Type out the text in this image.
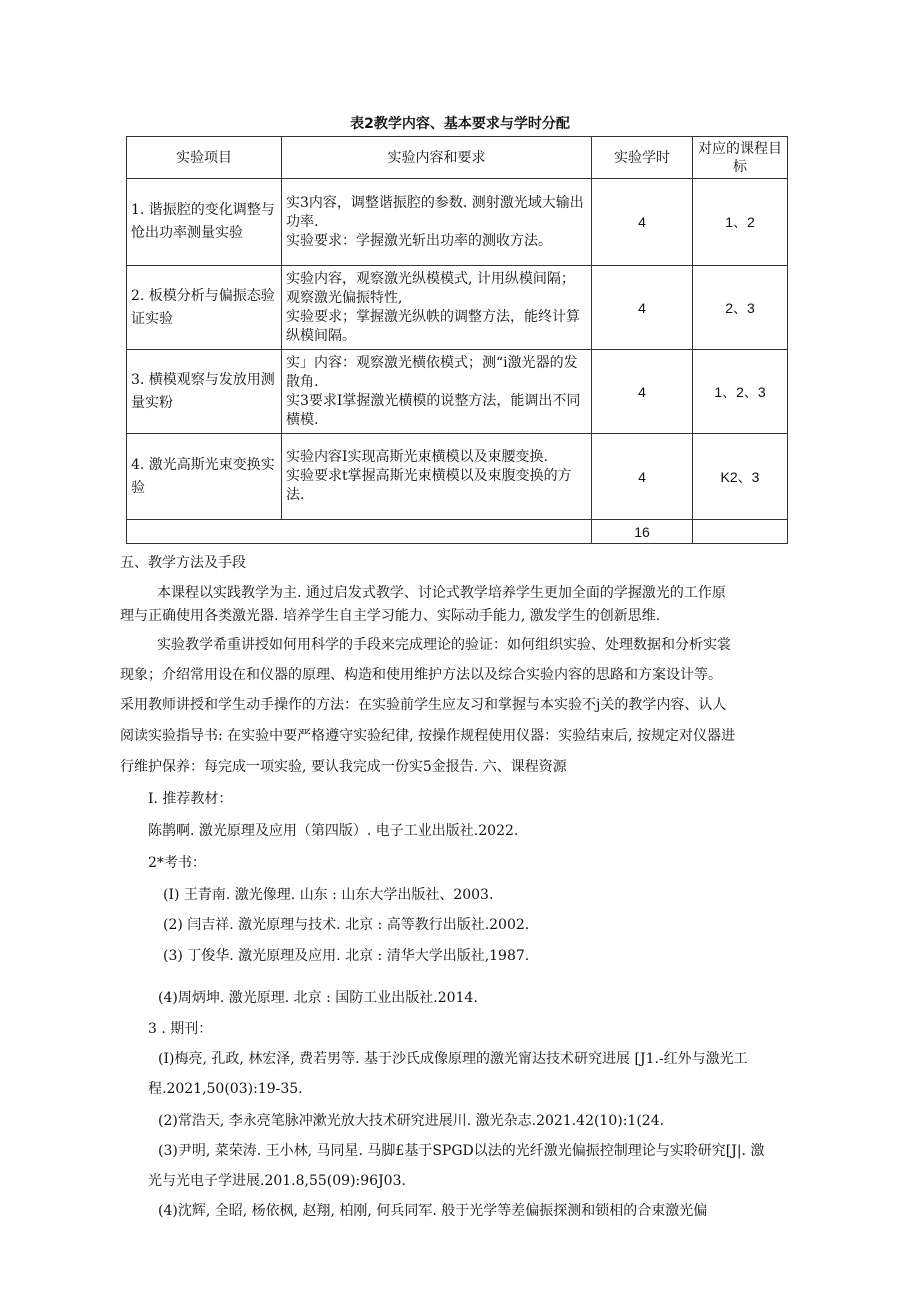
表2教学内容、基本要求与学时分配
实验项目	实验内容和要求	实验学时	对应的课程目标
1. 谐振腔的变化调整与怆出功率测量实验	实3内容，调整谐振腔的参数. 测射激光域大输出功率.
实验要求：学握激光斩出功率的测收方法。	4	1、2
2. 板模分析与偏振态验证实验	实验内容，观察激光纵模模式, 计用纵模间隔；观察激光偏振特性,
实验要求；掌握激光纵帙的调整方法，能终计算纵模间隔。	4	2、3
3. 横模观察与发放用测量实粉	实」内容：观察激光横依模式；测“i激光器的发散角.
实3要求I掌握激光横模的说整方法，能调出不同横模.	4	1、2、3
4. 激光高斯光束变换实验	实验内容I实现高斯光束横模以及束腰变换.
实验要求t掌握高斯光束横模以及束腹变换的方法.	4	K2、3
		16	
五、教学方法及手段
本课程以实践教学为主. 通过启发式教学、讨论式教学培养学生更加全面的学握激光的工作原
理与正确使用各类激光器. 培养学生自主学习能力、实际动手能力, 激发学生的创新思维.
实验教学希重讲授如何用科学的手段来完成理论的验证：如何组织实验、处理数据和分析实裳
现象；介绍常用设在和仪器的原理、构造和使用维护方法以及综合实验内容的思路和方案设计等。
采用教师讲授和学生动手操作的方法：在实验前学生应友习和掌握与本实验不j关的教学内容、认人
阅读实验指导书: 在实验中要严格遵守实验纪律, 按操作规程使用仪器：实验结束后, 按规定对仪器进
行维护保养：每完成一项实验, 要认我完成一份实5金报告. 六、课程资源
I. 推荐教材：
陈鹊啊. 激光原理及应用（第四版）. 电子工业出版社.2022.
2*考书：
(I) 王青南. 激光像理. 山东 : 山东大学出版社、2003.
(2) 闫吉祥. 激光原理与技术. 北京 : 高等教行出版社.2002.
(3) 丁俊华. 激光原理及应用. 北京 : 清华大学出版社,1987.
(4)周炳坤. 激光原理. 北京 : 国防工业出版社.2014.
3 . 期刊：
(I)梅亮, 孔政, 林宏泽, 费若男等. 基于沙氏成像原理的激光甯达技术研究进展 [J1.-红外与激光工
程.2021,50(03):19-35.
(2)常浩天, 李永亮笔脉冲漱光放大技术研究进展川. 激光杂志.2021.42(10):1(24.
(3)尹明, 菜荣涛. 王小林, 马同星. 马脚£基于SPGD以法的光纤激光偏振控制理论与实聆研究[J|. 激
光与光电子学进展.201.8,55(09):96J03.
(4)沈辉, 全昭, 杨依枫, 赵翔, 柏刚, 何兵同军. 般于光学等差偏振探测和锁相的合束激光偏
